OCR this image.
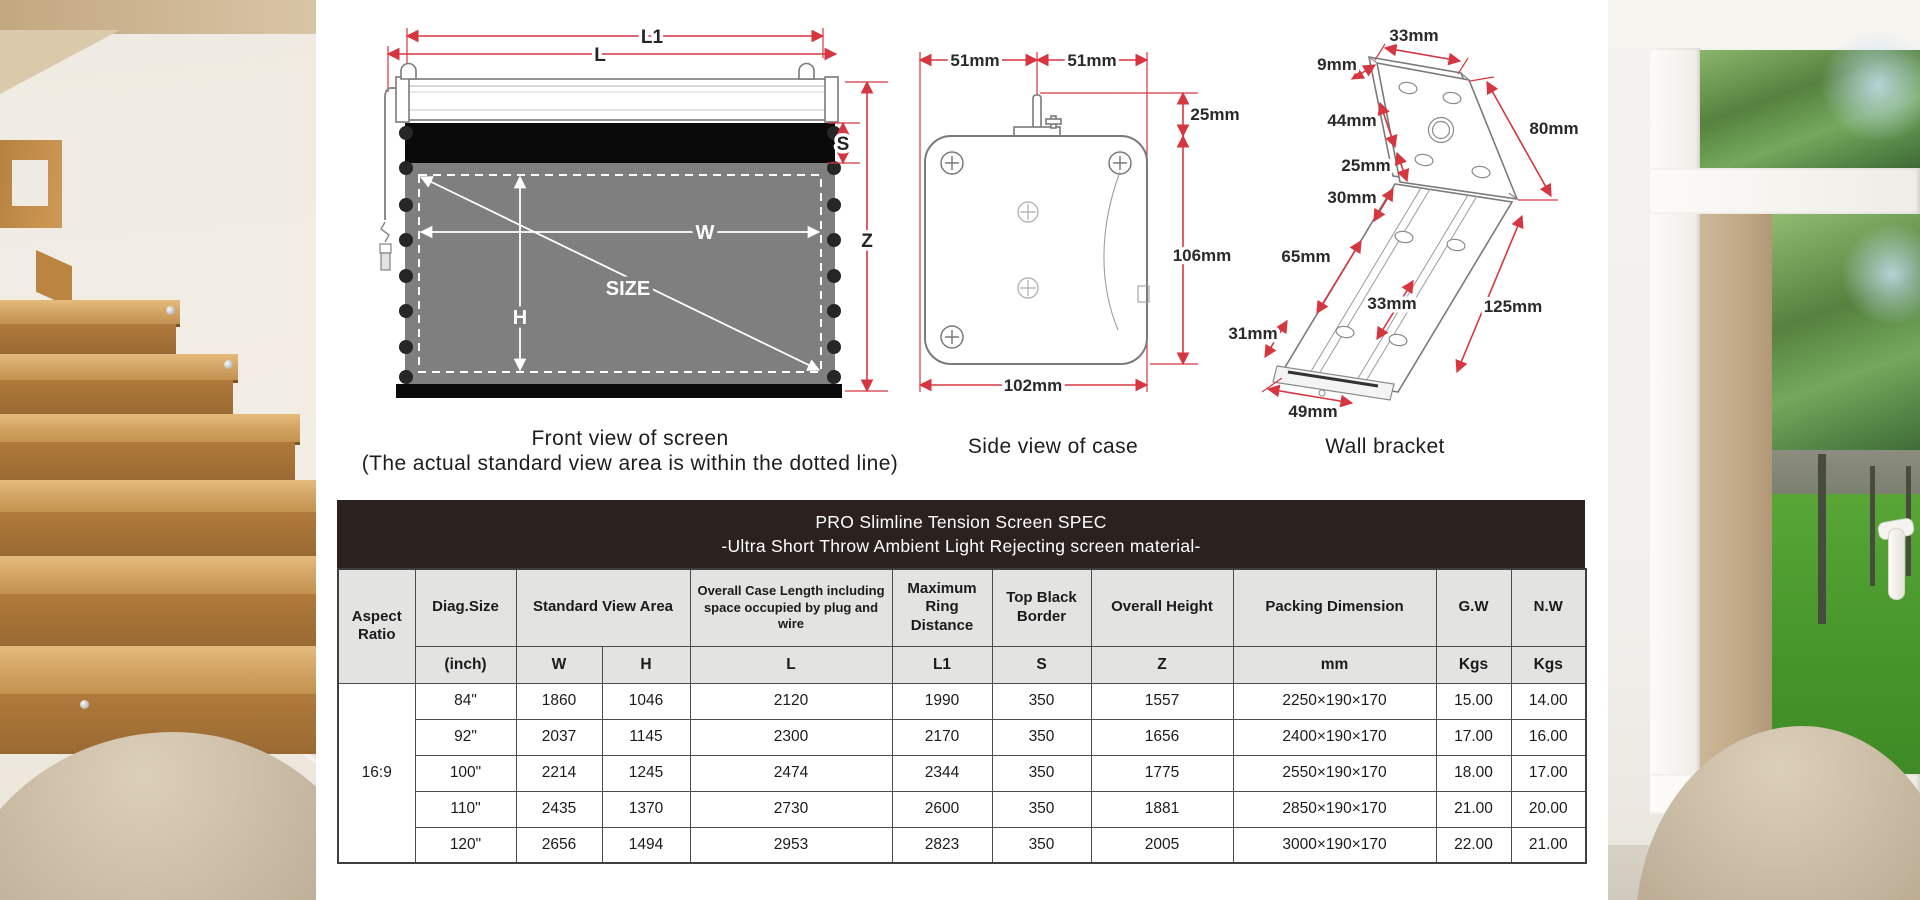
L1
L
W
H
SIZE
S
Z
Front view of screen
(The actual standard view area is within the dotted line)
51mm	51mm
25mm
106mm
102mm
Side view of case
33mm
9mm
44mm	80mm
25mm
30mm
65mm
33mm	125mm
31mm
49mm
Wall bracket
PRO Slimline Tension Screen SPEC
-Ultra Short Throw Ambient Light Rejecting screen material-
Aspect Ratio	Diag.Size	Standard View Area		Overall Case Length including space occupied by plug and wire	Maximum Ring Distance	Top Black Border	Overall Height	Packing Dimension	G.W	N.W
	(inch)	W	H	L	L1	S	Z	mm	Kgs	Kgs
16:9	84"	1860	1046	2120	1990	350	1557	2250×190×170	15.00	14.00
	92"	2037	1145	2300	2170	350	1656	2400×190×170	17.00	16.00
	100"	2214	1245	2474	2344	350	1775	2550×190×170	18.00	17.00
	110"	2435	1370	2730	2600	350	1881	2850×190×170	21.00	20.00
	120"	2656	1494	2953	2823	350	2005	3000×190×170	22.00	21.00
